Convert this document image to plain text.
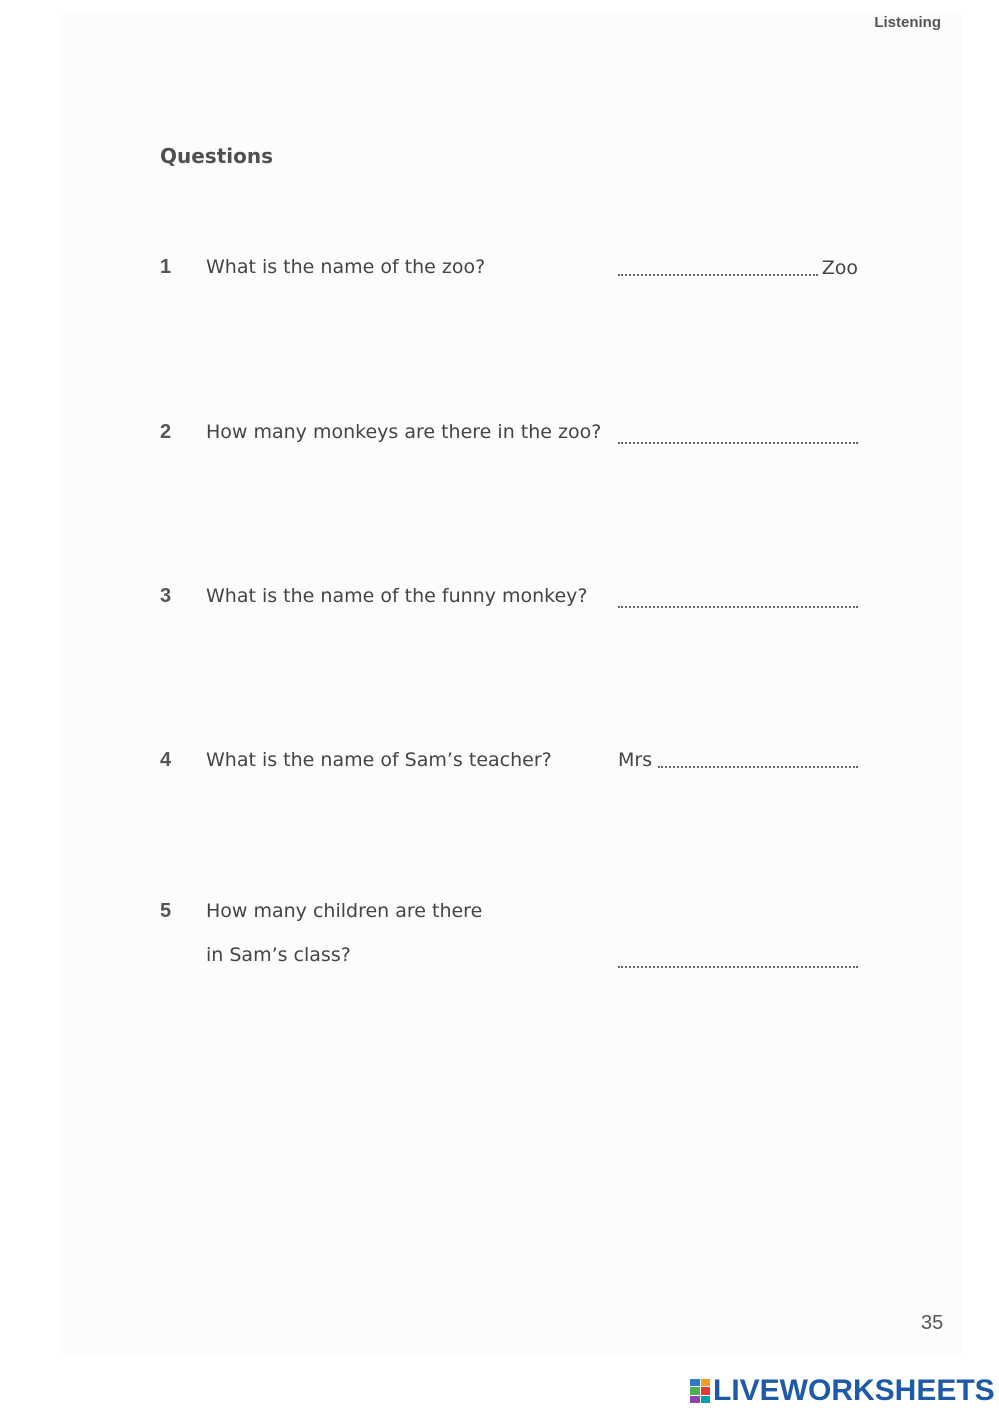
Listening
Questions
1 What is the name of the zoo?	Zoo
2 How many monkeys are there in the zoo?
3 What is the name of the funny monkey?
4 What is the name of Sam’s teacher?	Mrs
5 How many children are there
in Sam’s class?
35
LIVEWORKSHEETS
